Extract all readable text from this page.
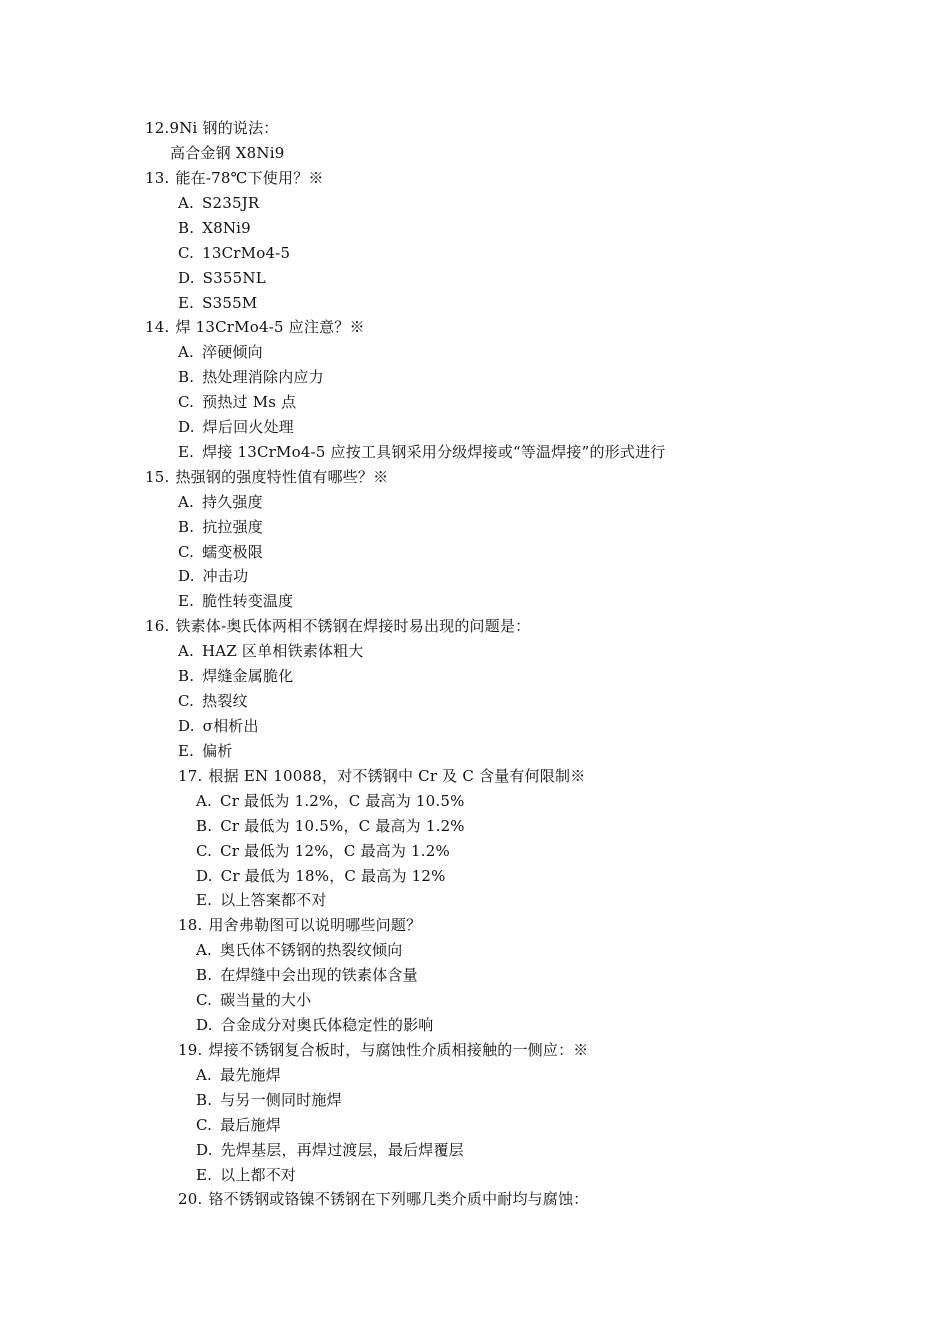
12.9Ni 钢的说法：
高合金钢 X8Ni9
13. 能在-78℃下使用？※
A. S235JR
B. X8Ni9
C. 13CrMo4-5
D. S355NL
E. S355M
14. 焊 13CrMo4-5 应注意？※
A. 淬硬倾向
B. 热处理消除内应力
C. 预热过 Ms 点
D. 焊后回火处理
E. 焊接 13CrMo4-5 应按工具钢采用分级焊接或“等温焊接”的形式进行
15. 热强钢的强度特性值有哪些？※
A. 持久强度
B. 抗拉强度
C. 蠕变极限
D. 冲击功
E. 脆性转变温度
16. 铁素体-奥氏体两相不锈钢在焊接时易出现的问题是：
A. HAZ 区单相铁素体粗大
B. 焊缝金属脆化
C. 热裂纹
D. σ相析出
E. 偏析
17. 根据 EN 10088，对不锈钢中 Cr 及 C 含量有何限制※
A. Cr 最低为 1.2%，C 最高为 10.5%
B. Cr 最低为 10.5%，C 最高为 1.2%
C. Cr 最低为 12%，C 最高为 1.2%
D. Cr 最低为 18%，C 最高为 12%
E. 以上答案都不对
18. 用舍弗勒图可以说明哪些问题？
A. 奥氏体不锈钢的热裂纹倾向
B. 在焊缝中会出现的铁素体含量
C. 碳当量的大小
D. 合金成分对奥氏体稳定性的影响
19. 焊接不锈钢复合板时，与腐蚀性介质相接触的一侧应：※
A. 最先施焊
B. 与另一侧同时施焊
C. 最后施焊
D. 先焊基层，再焊过渡层，最后焊覆层
E. 以上都不对
20. 铬不锈钢或铬镍不锈钢在下列哪几类介质中耐均与腐蚀：
